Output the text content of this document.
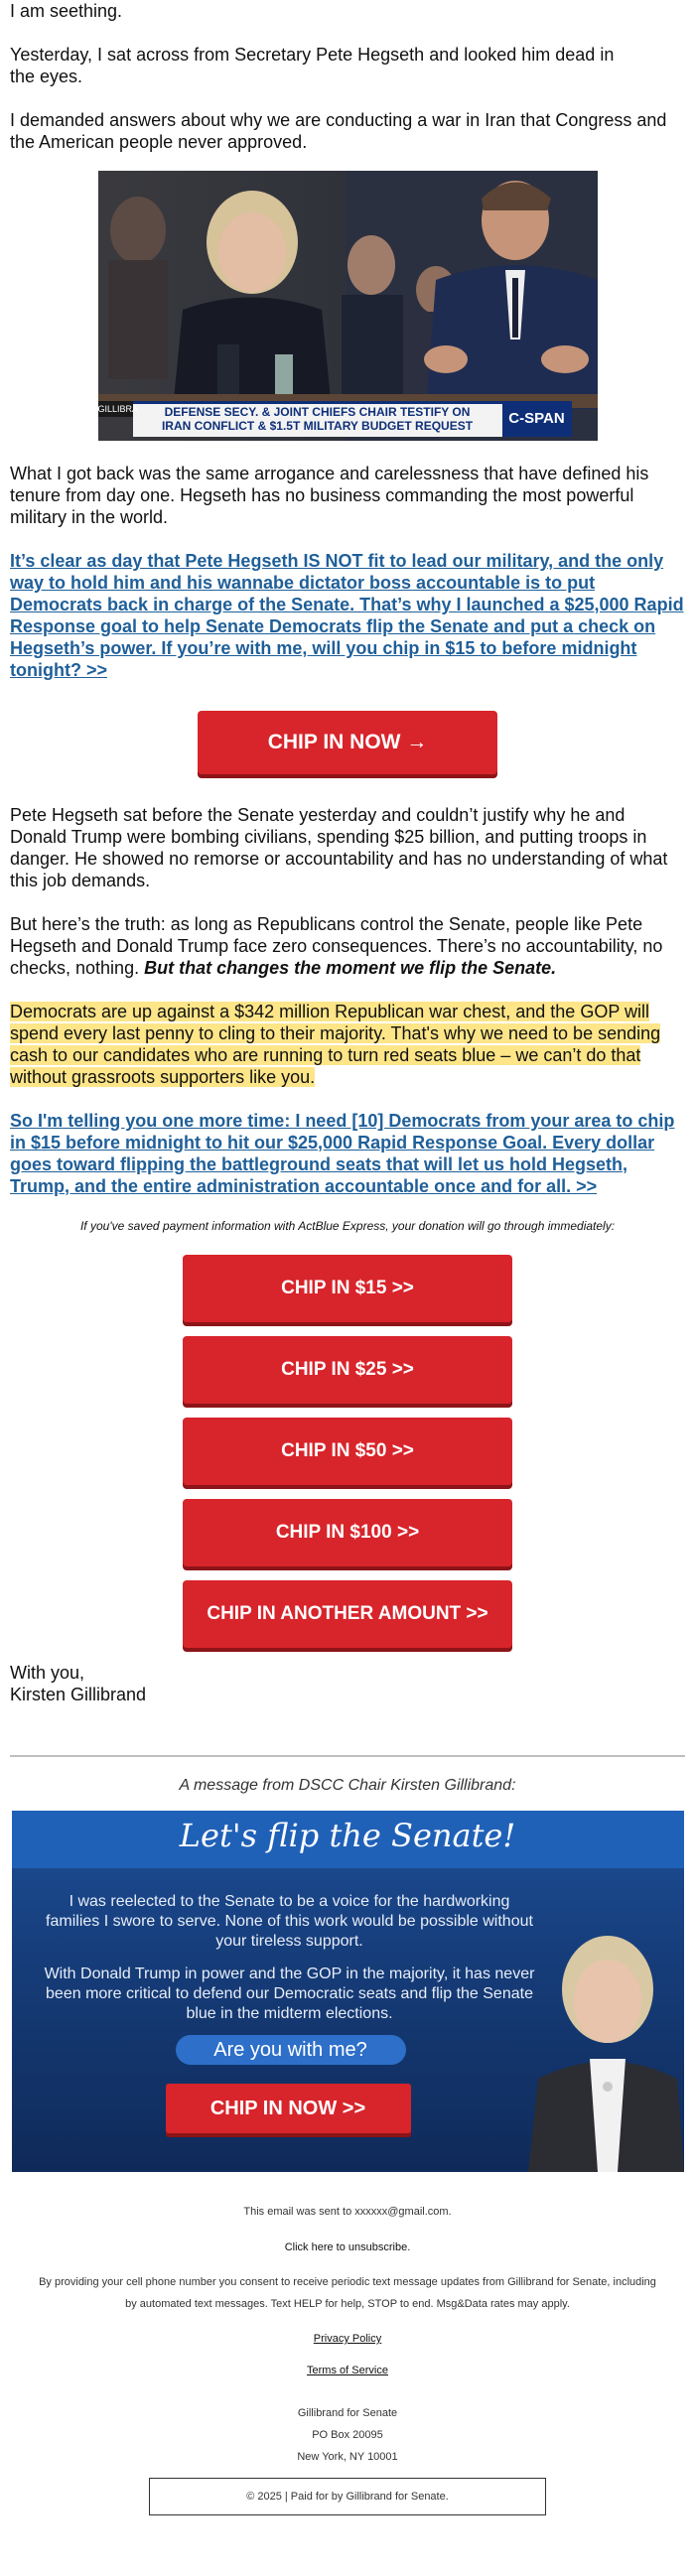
I am seething.

Yesterday, I sat across from Secretary Pete Hegseth and looked him dead in the eyes.

I demanded answers about why we are conducting a war in Iran that Congress and the American people never approved.

GILLIBRA	DEFENSE SECY. & JOINT CHIEFS CHAIR TESTIFY ON
IRAN CONFLICT & $1.5T MILITARY BUDGET REQUEST	C-SPAN

What I got back was the same arrogance and carelessness that have defined his tenure from day one. Hegseth has no business commanding the most powerful military in the world.

It’s clear as day that Pete Hegseth IS NOT fit to lead our military, and the only way to hold him and his wannabe dictator boss accountable is to put Democrats back in charge of the Senate. That’s why I launched a $25,000 Rapid Response goal to help Senate Democrats flip the Senate and put a check on Hegseth’s power. If you’re with me, will you chip in $15 to before midnight tonight? >>

CHIP IN NOW →

Pete Hegseth sat before the Senate yesterday and couldn’t justify why he and Donald Trump were bombing civilians, spending $25 billion, and putting troops in danger. He showed no remorse or accountability and has no understanding of what this job demands.

But here’s the truth: as long as Republicans control the Senate, people like Pete Hegseth and Donald Trump face zero consequences. There’s no accountability, no checks, nothing. But that changes the moment we flip the Senate.

Democrats are up against a $342 million Republican war chest, and the GOP will spend every last penny to cling to their majority. That's why we need to be sending cash to our candidates who are running to turn red seats blue – we can’t do that without grassroots supporters like you.

So I'm telling you one more time: I need [10] Democrats from your area to chip in $15 before midnight to hit our $25,000 Rapid Response Goal. Every dollar goes toward flipping the battleground seats that will let us hold Hegseth, Trump, and the entire administration accountable once and for all. >>

If you've saved payment information with ActBlue Express, your donation will go through immediately:
CHIP IN $15 >>
CHIP IN $25 >>
CHIP IN $50 >>
CHIP IN $100 >>
CHIP IN ANOTHER AMOUNT >>

With you,

Kirsten Gillibrand

A message from DSCC Chair Kirsten Gillibrand:
Let's flip the Senate!
I was reelected to the Senate to be a voice for the hardworking families I swore to serve. None of this work would be possible without your tireless support.
With Donald Trump in power and the GOP in the majority, it has never been more critical to defend our Democratic seats and flip the Senate blue in the midterm elections.
Are you with me?
CHIP IN NOW >>
This email was sent to xxxxxx@gmail.com.
Click here to unsubscribe.
By providing your cell phone number you consent to receive periodic text message updates from Gillibrand for Senate, including by automated text messages. Text HELP for help, STOP to end. Msg&Data rates may apply.
Privacy Policy
Terms of Service
Gillibrand for Senate
PO Box 20095
New York, NY 10001
© 2025 | Paid for by Gillibrand for Senate.
